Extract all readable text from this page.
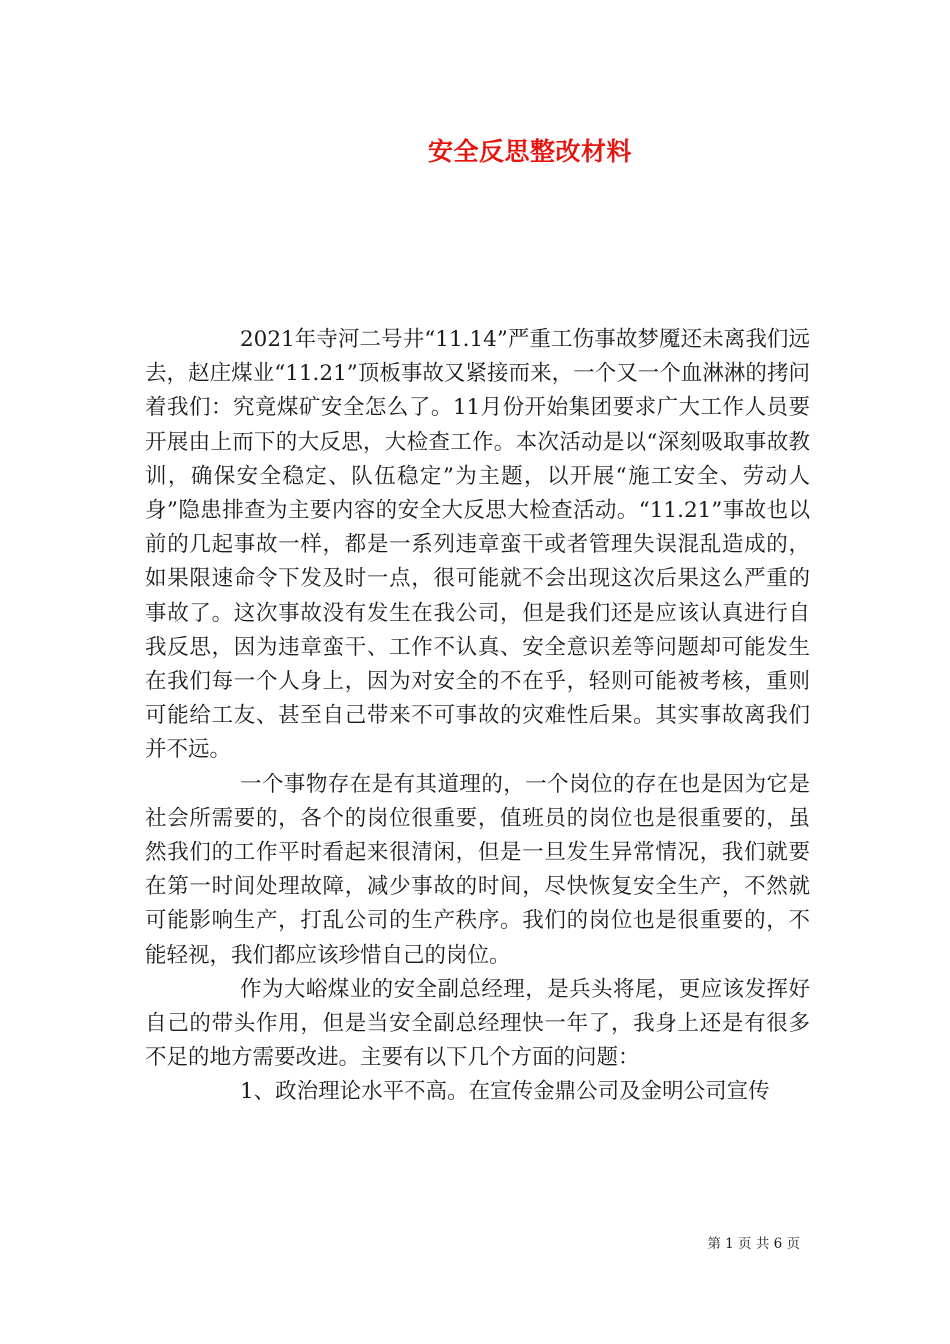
安全反思整改材料

2021年寺河二号井“11.14”严重工伤事故梦魇还未离我们远去，赵庄煤业“11.21”顶板事故又紧接而来，一个又一个血淋淋的拷问着我们：究竟煤矿安全怎么了。11月份开始集团要求广大工作人员要开展由上而下的大反思，大检查工作。本次活动是以“深刻吸取事故教训，确保安全稳定、队伍稳定”为主题，以开展“施工安全、劳动人身”隐患排查为主要内容的安全大反思大检查活动。“11.21”事故也以前的几起事故一样，都是一系列违章蛮干或者管理失误混乱造成的，如果限速命令下发及时一点，很可能就不会出现这次后果这么严重的事故了。这次事故没有发生在我公司，但是我们还是应该认真进行自我反思，因为违章蛮干、工作不认真、安全意识差等问题却可能发生在我们每一个人身上，因为对安全的不在乎，轻则可能被考核，重则可能给工友、甚至自己带来不可事故的灾难性后果。其实事故离我们并不远。

一个事物存在是有其道理的，一个岗位的存在也是因为它是社会所需要的，各个的岗位很重要，值班员的岗位也是很重要的，虽然我们的工作平时看起来很清闲，但是一旦发生异常情况，我们就要在第一时间处理故障，减少事故的时间，尽快恢复安全生产，不然就可能影响生产，打乱公司的生产秩序。我们的岗位也是很重要的，不能轻视，我们都应该珍惜自己的岗位。

作为大峪煤业的安全副总经理，是兵头将尾，更应该发挥好自己的带头作用，但是当安全副总经理快一年了，我身上还是有很多不足的地方需要改进。主要有以下几个方面的问题：

1、政治理论水平不高。在宣传金鼎公司及金明公司宣传

第 1 页 共 6 页
